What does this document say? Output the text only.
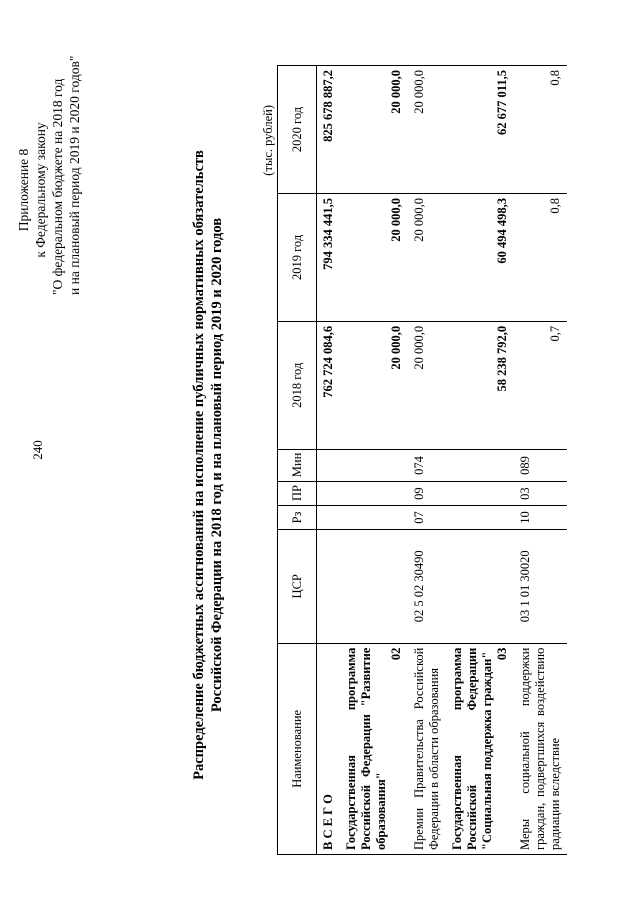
240
Приложение 8 к Федеральному закону "О федеральном бюджете на 2018 год и на плановый период 2019 и 2020 годов"	Распределение бюджетных ассигнований на исполнение публичных нормативных обязательств Российской Федерации на 2018 год и на плановый период 2019 и 2020 годов
(тыс. рублей)
Наименование	ЦСР	Рз	ПР	Мин	2018 год	2019 год	2020 год
В С Е Г О					762 724 084,6	794 334 441,5	825 678 887,2
Государственная программа Российской Федерации "Развитие образования"
02					20 000,0	20 000,0	20 000,0
Премии Правительства Российской Федерации в области образования	02 5 02 30490	07	09	074	20 000,0	20 000,0	20 000,0
Государственная программа Российской Федерации "Социальная поддержка граждан" 03					58 238 792,0	60 494 498,3	62 677 011,5
Меры социальной поддержки граждан, подвергшихся воздействию радиации вследствие	03 1 01 30020	10	03	089	0,7	0,8	0,8
